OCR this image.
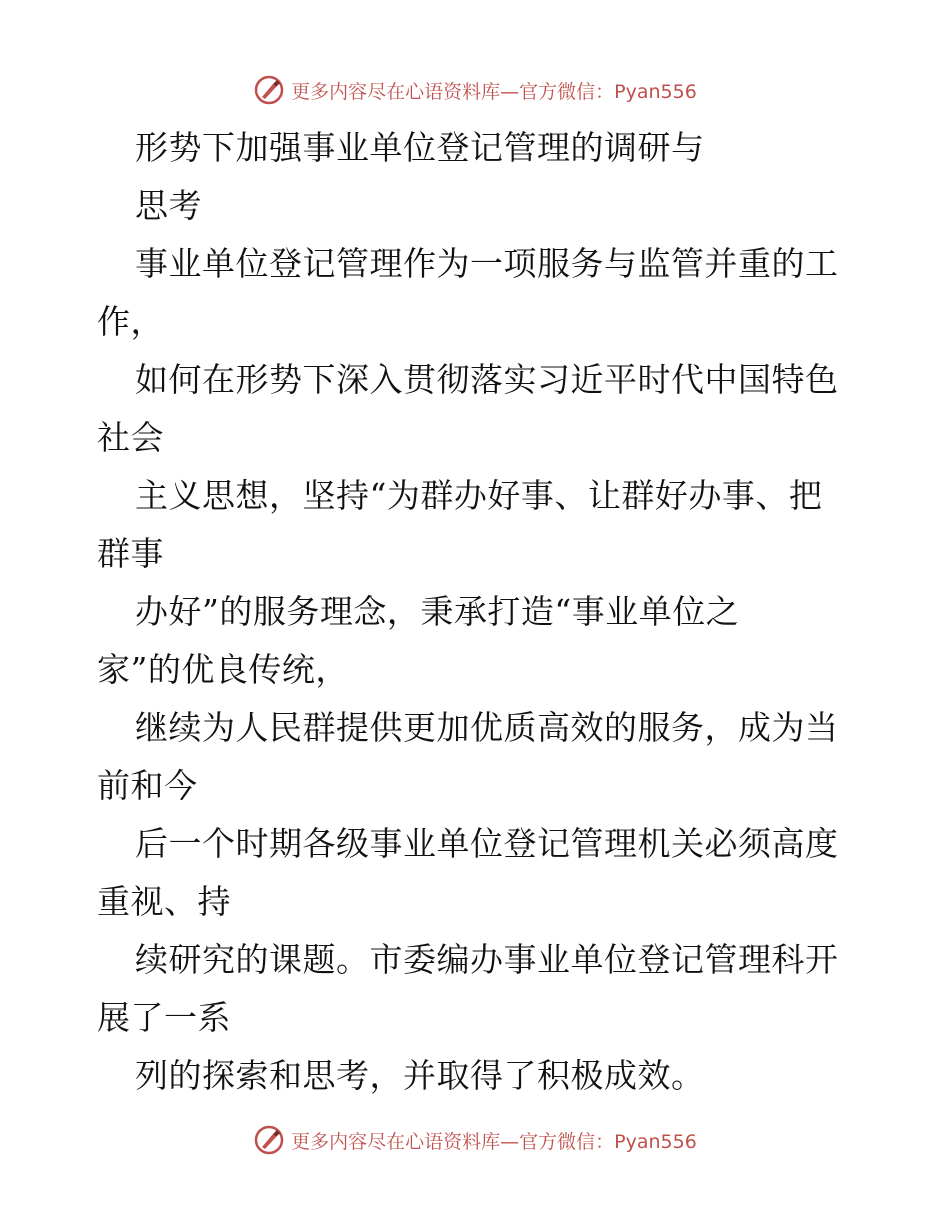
更多内容尽在心语资料库—官方微信：Pyan556
形势下加强事业单位登记管理的调研与
思考
事业单位登记管理作为一项服务与监管并重的工
作，
如何在形势下深入贯彻落实习近平时代中国特色
社会
主义思想，坚持“为群办好事、让群好办事、把
群事
办好”的服务理念，秉承打造“事业单位之
家”的优良传统，
继续为人民群提供更加优质高效的服务，成为当
前和今
后一个时期各级事业单位登记管理机关必须高度
重视、持
续研究的课题。市委编办事业单位登记管理科开
展了一系
列的探索和思考，并取得了积极成效。
更多内容尽在心语资料库—官方微信：Pyan556
